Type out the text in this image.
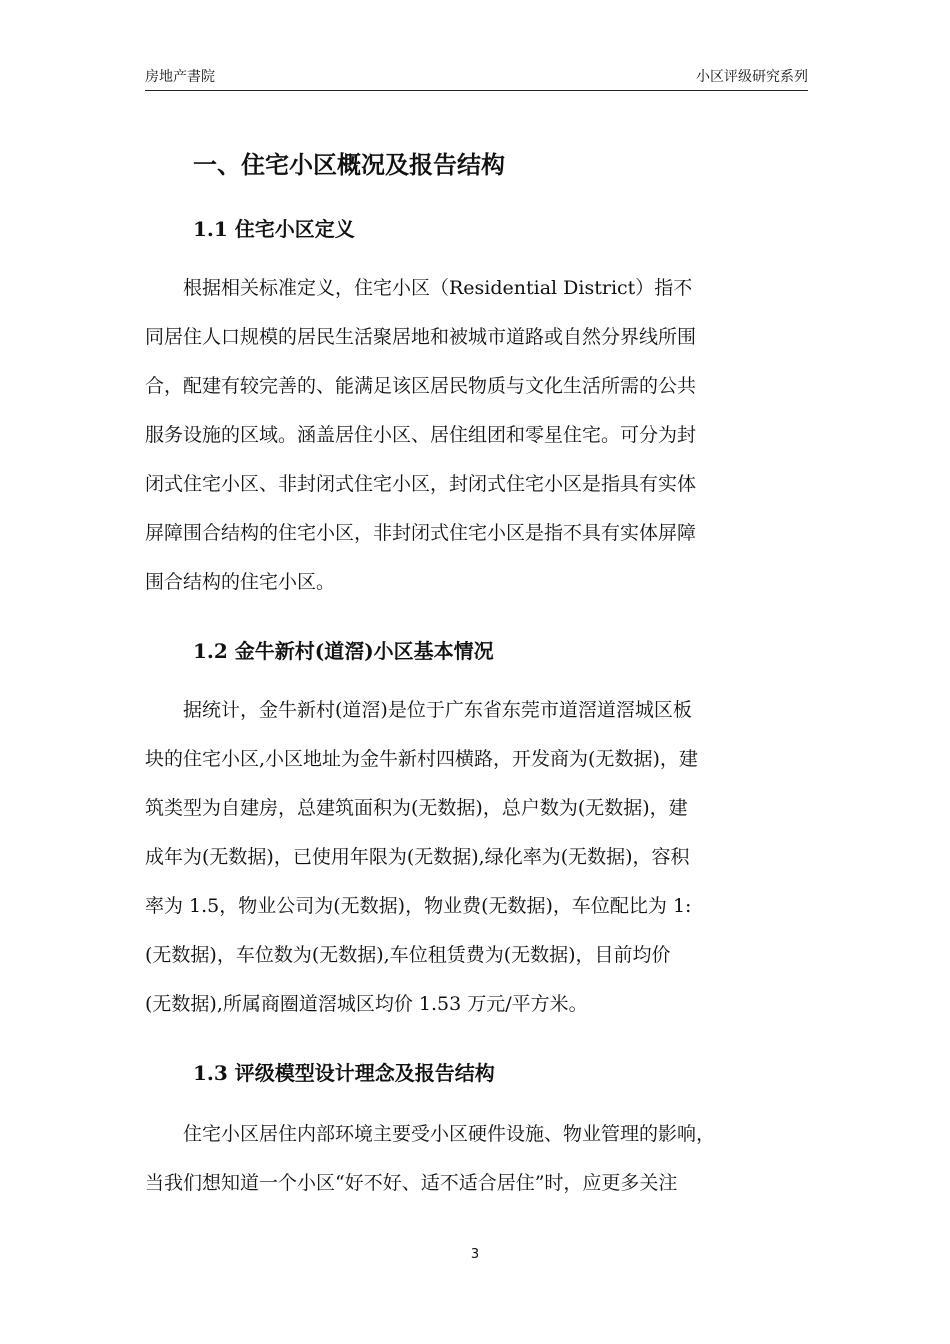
房地产書院	小区评级研究系列
一、住宅小区概况及报告结构
1.1 住宅小区定义
　　根据相关标准定义，住宅小区（Residential District）指不
同居住人口规模的居民生活聚居地和被城市道路或自然分界线所围
合，配建有较完善的、能满足该区居民物质与文化生活所需的公共
服务设施的区域。涵盖居住小区、居住组团和零星住宅。可分为封
闭式住宅小区、非封闭式住宅小区，封闭式住宅小区是指具有实体
屏障围合结构的住宅小区，非封闭式住宅小区是指不具有实体屏障
围合结构的住宅小区。
1.2 金牛新村(道滘)小区基本情况
　　据统计，金牛新村(道滘)是位于广东省东莞市道滘道滘城区板
块的住宅小区,小区地址为金牛新村四横路，开发商为(无数据)，建
筑类型为自建房，总建筑面积为(无数据)，总户数为(无数据)，建
成年为(无数据)，已使用年限为(无数据),绿化率为(无数据)，容积
率为 1.5，物业公司为(无数据)，物业费(无数据)，车位配比为 1:
(无数据)，车位数为(无数据),车位租赁费为(无数据)，目前均价
(无数据),所属商圈道滘城区均价 1.53 万元/平方米。
1.3 评级模型设计理念及报告结构
　　住宅小区居住内部环境主要受小区硬件设施、物业管理的影响，
当我们想知道一个小区“好不好、适不适合居住”时，应更多关注
3
